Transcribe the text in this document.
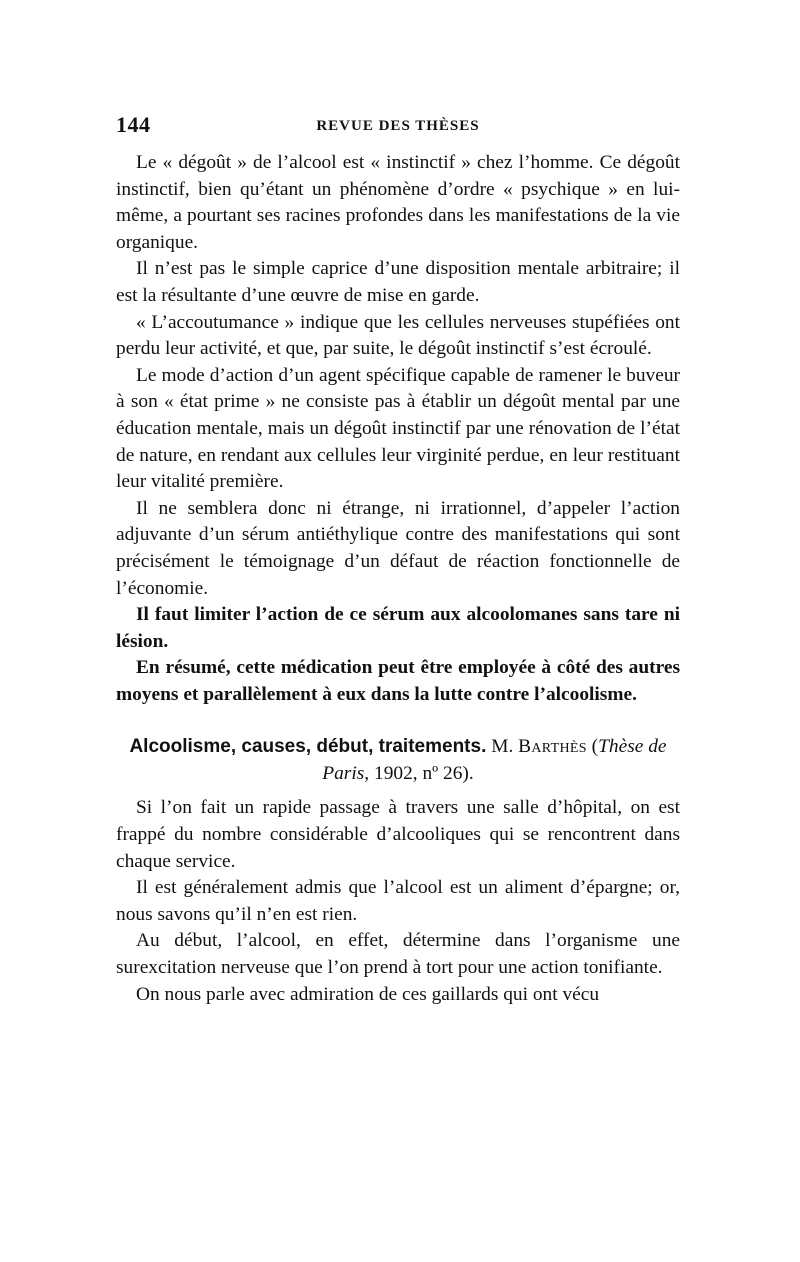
144	REVUE DES THÈSES

Le « dégoût » de l’alcool est « instinctif » chez l’homme. Ce dégoût instinctif, bien qu’étant un phénomène d’ordre « psychique » en lui-même, a pourtant ses racines profondes dans les manifestations de la vie organique.

Il n’est pas le simple caprice d’une disposition mentale arbitraire; il est la résultante d’une œuvre de mise en garde.

« L’accoutumance » indique que les cellules nerveuses stupéfiées ont perdu leur activité, et que, par suite, le dégoût instinctif s’est écroulé.

Le mode d’action d’un agent spécifique capable de ramener le buveur à son « état prime » ne consiste pas à établir un dégoût mental par une éducation mentale, mais un dégoût instinctif par une rénovation de l’état de nature, en rendant aux cellules leur virginité perdue, en leur restituant leur vitalité première.

Il ne semblera donc ni étrange, ni irrationnel, d’appeler l’action adjuvante d’un sérum antiéthylique contre des manifestations qui sont précisément le témoignage d’un défaut de réaction fonctionnelle de l’économie.

Il faut limiter l’action de ce sérum aux alcoolomanes sans tare ni lésion.

En résumé, cette médication peut être employée à côté des autres moyens et parallèlement à eux dans la lutte contre l’alcoolisme.

Alcoolisme, causes, début, traitements. M. Barthès (Thèse de Paris, 1902, nº 26).

Si l’on fait un rapide passage à travers une salle d’hôpital, on est frappé du nombre considérable d’alcooliques qui se rencontrent dans chaque service.

Il est généralement admis que l’alcool est un aliment d’épargne; or, nous savons qu’il n’en est rien.

Au début, l’alcool, en effet, détermine dans l’organisme une surexcitation nerveuse que l’on prend à tort pour une action tonifiante.

On nous parle avec admiration de ces gaillards qui ont vécu
